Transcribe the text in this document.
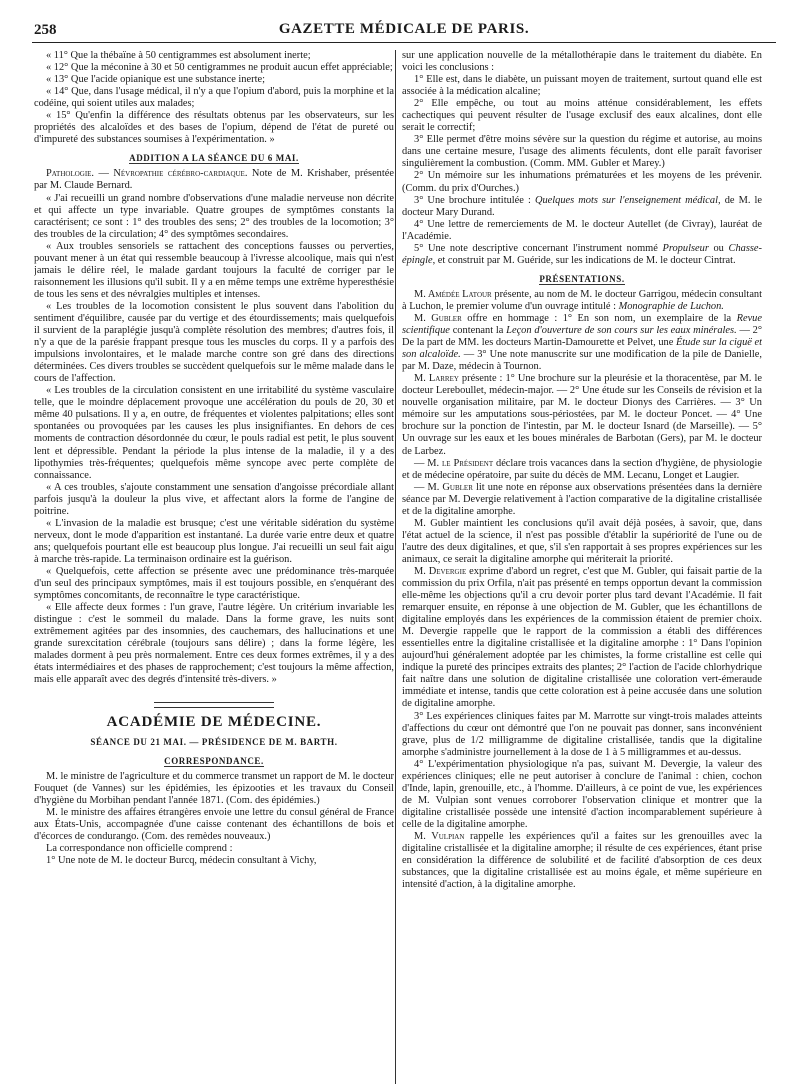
258	GAZETTE MÉDICALE DE PARIS.

« 11° Que la thébaïne à 50 centigrammes est absolument inerte;

« 12° Que la méconine à 30 et 50 centigrammes ne produit aucun effet appréciable;

« 13° Que l'acide opianique est une substance inerte;

« 14° Que, dans l'usage médical, il n'y a que l'opium d'abord, puis la morphine et la codéine, qui soient utiles aux malades;

« 15° Qu'enfin la différence des résultats obtenus par les observateurs, sur les propriétés des alcaloïdes et des bases de l'opium, dépend de l'état de pureté ou d'impureté des substances soumises à l'expérimentation. »

ADDITION A LA SÉANCE DU 6 MAI.

Pathologie. — Névropathie cérébro-cardiaque. Note de M. Krishaber, présentée par M. Claude Bernard.

« J'ai recueilli un grand nombre d'observations d'une maladie nerveuse non décrite et qui affecte un type invariable. Quatre groupes de symptômes constants la caractérisent; ce sont : 1° des troubles des sens; 2° des troubles de la locomotion; 3° des troubles de la circulation; 4° des symptômes secondaires.

« Aux troubles sensoriels se rattachent des conceptions fausses ou perverties, pouvant mener à un état qui ressemble beaucoup à l'ivresse alcoolique, mais qui n'est jamais le délire réel, le malade gardant toujours la faculté de corriger par le raisonnement les illusions qu'il subit. Il y a en même temps une extrême hyperesthésie de tous les sens et des névralgies multiples et intenses.

« Les troubles de la locomotion consistent le plus souvent dans l'abolition du sentiment d'équilibre, causée par du vertige et des étourdissements; mais quelquefois il survient de la paraplégie jusqu'à complète résolution des membres; d'autres fois, il n'y a que de la parésie frappant presque tous les muscles du corps. Il y a parfois des impulsions involontaires, et le malade marche contre son gré dans des directions déterminées. Ces divers troubles se succèdent quelquefois sur le même malade dans le cours de l'affection.

« Les troubles de la circulation consistent en une irritabilité du système vasculaire telle, que le moindre déplacement provoque une accélération du pouls de 20, 30 et même 40 pulsations. Il y a, en outre, de fréquentes et violentes palpitations; elles sont spontanées ou provoquées par les causes les plus insignifiantes. En dehors de ces moments de contraction désordonnée du cœur, le pouls radial est petit, le plus souvent lent et dépressible. Pendant la période la plus intense de la maladie, il y a des lipothymies très-fréquentes; quelquefois même syncope avec perte complète de connaissance.

« A ces troubles, s'ajoute constamment une sensation d'angoisse précordiale allant parfois jusqu'à la douleur la plus vive, et affectant alors la forme de l'angine de poitrine.

« L'invasion de la maladie est brusque; c'est une véritable sidération du système nerveux, dont le mode d'apparition est instantané. La durée varie entre deux et quatre ans; quelquefois pourtant elle est beaucoup plus longue. J'ai recueilli un seul fait aigu à marche très-rapide. La terminaison ordinaire est la guérison.

« Quelquefois, cette affection se présente avec une prédominance très-marquée d'un seul des principaux symptômes, mais il est toujours possible, en s'enquérant des symptômes concomitants, de reconnaître le type caractéristique.

« Elle affecte deux formes : l'un grave, l'autre légère. Un critérium invariable les distingue : c'est le sommeil du malade. Dans la forme grave, les nuits sont extrêmement agitées par des insomnies, des cauchemars, des hallucinations et une grande surexcitation cérébrale (toujours sans délire) ; dans la forme légère, les malades dorment à peu près normalement. Entre ces deux formes extrêmes, il y a des états intermédiaires et des phases de rapprochement; c'est toujours la même affection, mais elle apparaît avec des degrés d'intensité très-divers. »

ACADÉMIE DE MÉDECINE.
SÉANCE DU 21 MAI. — PRÉSIDENCE DE M. BARTH.
CORRESPONDANCE.

M. le ministre de l'agriculture et du commerce transmet un rapport de M. le docteur Fouquet (de Vannes) sur les épidémies, les épizooties et les travaux du Conseil d'hygiène du Morbihan pendant l'année 1871. (Com. des épidémies.)

M. le ministre des affaires étrangères envoie une lettre du consul général de France aux États-Unis, accompagnée d'une caisse contenant des échantillons de bois et d'écorces de condurango. (Com. des remèdes nouveaux.)

La correspondance non officielle comprend :

1° Une note de M. le docteur Burcq, médecin consultant à Vichy,

sur une application nouvelle de la métallothérapie dans le traitement du diabète. En voici les conclusions :

1° Elle est, dans le diabète, un puissant moyen de traitement, surtout quand elle est associée à la médication alcaline;

2° Elle empêche, ou tout au moins atténue considérablement, les effets cachectiques qui peuvent résulter de l'usage exclusif des eaux alcalines, dont elle serait le correctif;

3° Elle permet d'être moins sévère sur la question du régime et autorise, au moins dans une certaine mesure, l'usage des aliments féculents, dont elle paraît favoriser singulièrement la combustion. (Comm. MM. Gubler et Marey.)

2° Un mémoire sur les inhumations prématurées et les moyens de les prévenir. (Comm. du prix d'Ourches.)

3° Une brochure intitulée : Quelques mots sur l'enseignement médical, de M. le docteur Mary Durand.

4° Une lettre de remerciements de M. le docteur Autellet (de Civray), lauréat de l'Académie.

5° Une note descriptive concernant l'instrument nommé Propulseur ou Chasse-épingle, et construit par M. Guéride, sur les indications de M. le docteur Cintrat.

PRÉSENTATIONS.

M. Amédée Latour présente, au nom de M. le docteur Garrigou, médecin consultant à Luchon, le premier volume d'un ouvrage intitulé : Monographie de Luchon.

M. Gubler offre en hommage : 1° En son nom, un exemplaire de la Revue scientifique contenant la Leçon d'ouverture de son cours sur les eaux minérales. — 2° De la part de MM. les docteurs Martin-Damourette et Pelvet, une Étude sur la ciguë et son alcaloïde. — 3° Une note manuscrite sur une modification de la pile de Danielle, par M. Daze, médecin à Tournon.

M. Larrey présente : 1° Une brochure sur la pleurésie et la thoracentèse, par M. le docteur Lereboullet, médecin-major. — 2° Une étude sur les Conseils de révision et la nouvelle organisation militaire, par M. le docteur Dionys des Carrières. — 3° Un mémoire sur les amputations sous-périostées, par M. le docteur Poncet. — 4° Une brochure sur la ponction de l'intestin, par M. le docteur Isnard (de Marseille). — 5° Un ouvrage sur les eaux et les boues minérales de Barbotan (Gers), par M. le docteur de Larbez.

— M. le Président déclare trois vacances dans la section d'hygiène, de physiologie et de médecine opératoire, par suite du décès de MM. Lecanu, Longet et Laugier.

— M. Gubler lit une note en réponse aux observations présentées dans la dernière séance par M. Devergie relativement à l'action comparative de la digitaline cristallisée et de la digitaline amorphe.

M. Gubler maintient les conclusions qu'il avait déjà posées, à savoir, que, dans l'état actuel de la science, il n'est pas possible d'établir la supériorité de l'une ou de l'autre des deux digitalines, et que, s'il s'en rapportait à ses propres expériences sur les animaux, ce serait la digitaline amorphe qui mériterait la priorité.

M. Devergie exprime d'abord un regret, c'est que M. Gubler, qui faisait partie de la commission du prix Orfila, n'ait pas présenté en temps opportun devant la commission elle-même les objections qu'il a cru devoir porter plus tard devant l'Académie. Il fait remarquer ensuite, en réponse à une objection de M. Gubler, que les échantillons de digitaline employés dans les expériences de la commission étaient de premier choix. M. Devergie rappelle que le rapport de la commission a établi des différences essentielles entre la digitaline cristallisée et la digitaline amorphe : 1° Dans l'opinion aujourd'hui généralement adoptée par les chimistes, la forme cristalline est celle qui indique la pureté des principes extraits des plantes; 2° l'action de l'acide chlorhydrique fait naître dans une solution de digitaline cristallisée une coloration vert-émeraude immédiate et intense, tandis que cette coloration est à peine accusée dans une solution de digitaline amorphe.

3° Les expériences cliniques faites par M. Marrotte sur vingt-trois malades atteints d'affections du cœur ont démontré que l'on ne pouvait pas donner, sans inconvénient grave, plus de 1/2 milligramme de digitaline cristallisée, tandis que la digitaline amorphe s'administre journellement à la dose de 1 à 5 milligrammes et au-dessus.

4° L'expérimentation physiologique n'a pas, suivant M. Devergie, la valeur des expériences cliniques; elle ne peut autoriser à conclure de l'animal : chien, cochon d'Inde, lapin, grenouille, etc., à l'homme. D'ailleurs, à ce point de vue, les expériences de M. Vulpian sont venues corroborer l'observation clinique et montrer que la digitaline cristallisée possède une intensité d'action incomparablement supérieure à celle de la digitaline amorphe.

M. Vulpian rappelle les expériences qu'il a faites sur les grenouilles avec la digitaline cristallisée et la digitaline amorphe; il résulte de ces expériences, étant prise en considération la différence de solubilité et de facilité d'absorption de ces deux substances, que la digitaline cristallisée est au moins égale, et même supérieure en intensité d'action, à la digitaline amorphe.
